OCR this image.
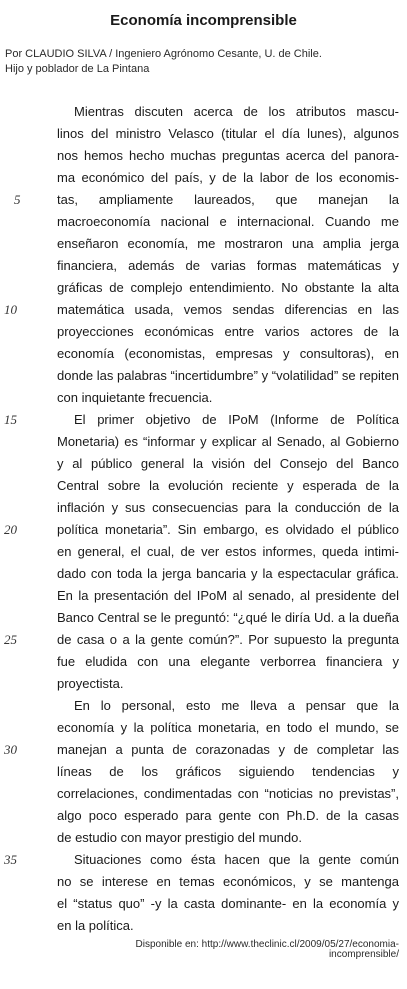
Economía incomprensible
Por CLAUDIO SILVA / Ingeniero Agrónomo Cesante, U. de Chile.
Hijo y poblador de La Pintana
Mientras discuten acerca de los atributos mascu-
linos del ministro Velasco (titular el día lunes), algunos
nos hemos hecho muchas preguntas acerca del panora-
ma económico del país, y de la labor de los economis-
tas, ampliamente laureados, que manejan la
macroeconomía nacional e internacional. Cuando me
enseñaron economía, me mostraron una amplia jerga
financiera, además de varias formas matemáticas y
gráficas de complejo entendimiento. No obstante la alta
matemática usada, vemos sendas diferencias en las
proyecciones económicas entre varios actores de la
economía (economistas, empresas y consultoras), en
donde las palabras “incertidumbre” y “volatilidad” se repiten
con inquietante frecuencia.
El primer objetivo de IPoM (Informe de Política
Monetaria) es “informar y explicar al Senado, al Gobierno
y al público general la visión del Consejo del Banco
Central sobre la evolución reciente y esperada de la
inflación y sus consecuencias para la conducción de la
política monetaria”. Sin embargo, es olvidado el público
en general, el cual, de ver estos informes, queda intimi-
dado con toda la jerga bancaria y la espectacular gráfica.
En la presentación del IPoM al senado, al presidente del
Banco Central se le preguntó: “¿qué le diría Ud. a la dueña
de casa o a la gente común?”. Por supuesto la pregunta
fue eludida con una elegante verborrea financiera y
proyectista.
En lo personal, esto me lleva a pensar que la
economía y la política monetaria, en todo el mundo, se
manejan a punta de corazonadas y de completar las
líneas de los gráficos siguiendo tendencias y
correlaciones, condimentadas con “noticias no previstas”,
algo poco esperado para gente con Ph.D. de la casas
de estudio con mayor prestigio del mundo.
Situaciones como ésta hacen que la gente común
no se interese en temas económicos, y se mantenga
el “status quo” -y la casta dominante- en la economía y
en la política.
5
10
15
20
25
30
35
Disponible en: http://www.theclinic.cl/2009/05/27/economia-
incomprensible/
